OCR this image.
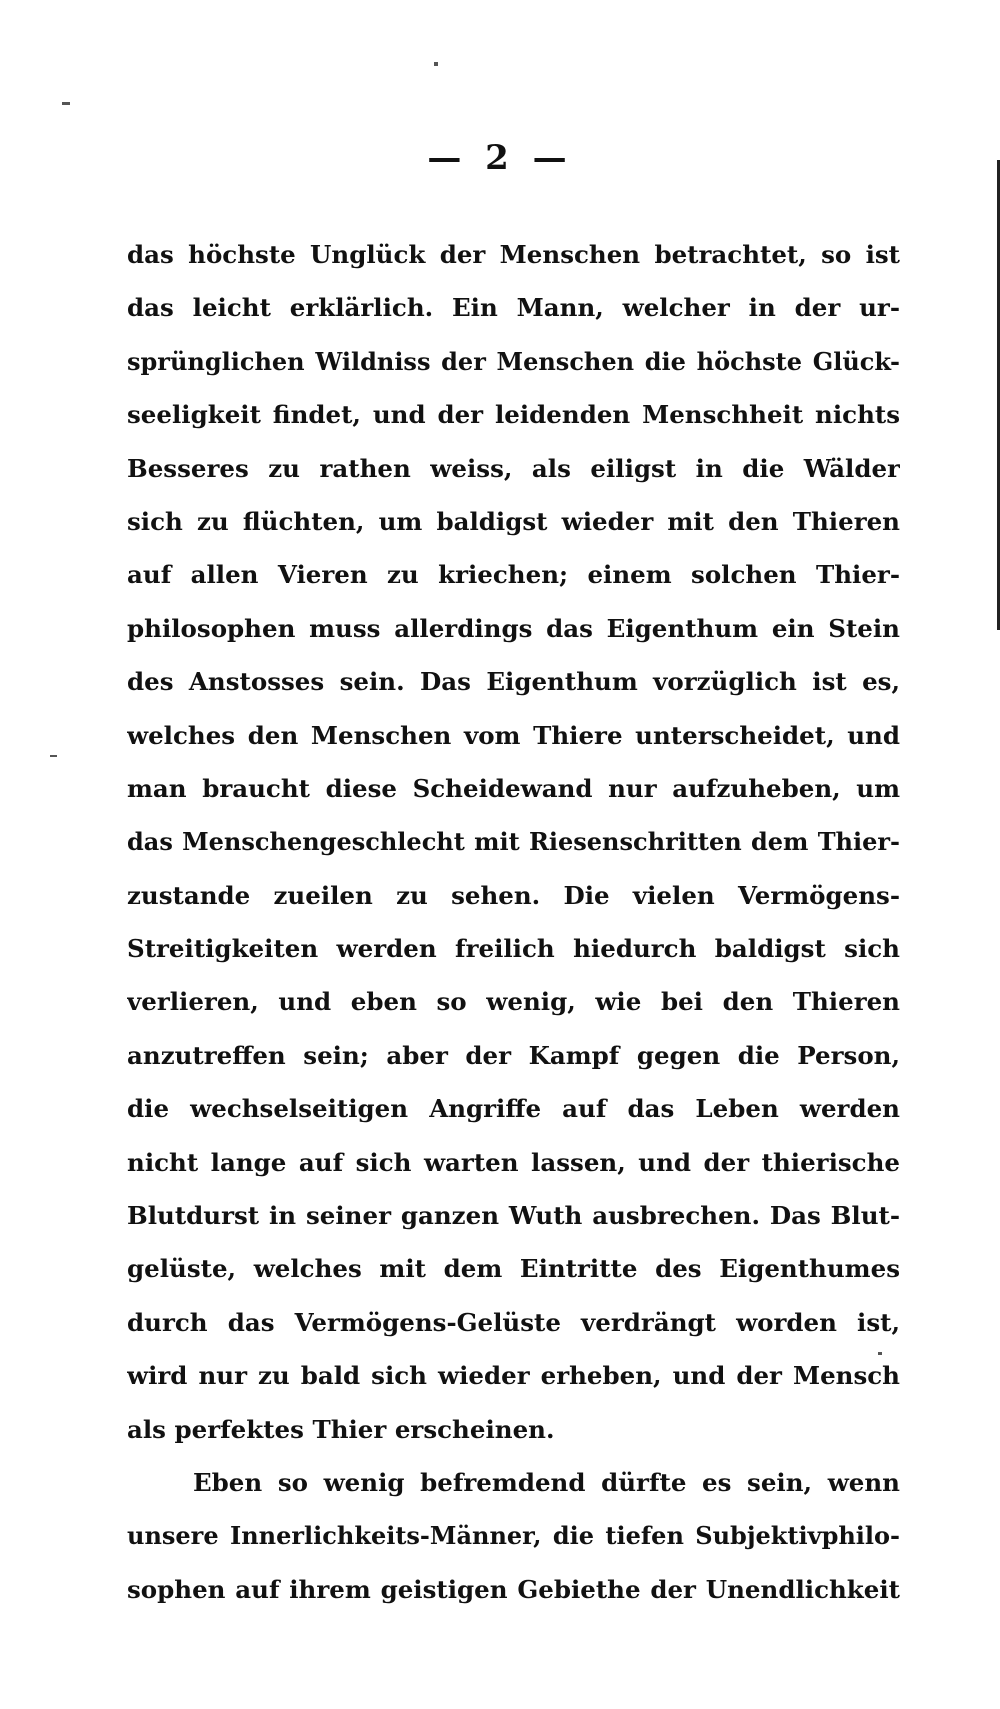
— 2 —
das höchste Unglück der Menschen betrachtet, so ist
das leicht erklärlich. Ein Mann, welcher in der ur-
sprünglichen Wildniss der Menschen die höchste Glück-
seeligkeit findet, und der leidenden Menschheit nichts
Besseres zu rathen weiss, als eiligst in die Wälder
sich zu flüchten, um baldigst wieder mit den Thieren
auf allen Vieren zu kriechen; einem solchen Thier-
philosophen muss allerdings das Eigenthum ein Stein
des Anstosses sein. Das Eigenthum vorzüglich ist es,
welches den Menschen vom Thiere unterscheidet, und
man braucht diese Scheidewand nur aufzuheben, um
das Menschengeschlecht mit Riesenschritten dem Thier-
zustande zueilen zu sehen. Die vielen Vermögens-
Streitigkeiten werden freilich hiedurch baldigst sich
verlieren, und eben so wenig, wie bei den Thieren
anzutreffen sein; aber der Kampf gegen die Person,
die wechselseitigen Angriffe auf das Leben werden
nicht lange auf sich warten lassen, und der thierische
Blutdurst in seiner ganzen Wuth ausbrechen. Das Blut-
gelüste, welches mit dem Eintritte des Eigenthumes
durch das Vermögens-Gelüste verdrängt worden ist,
wird nur zu bald sich wieder erheben, und der Mensch
als perfektes Thier erscheinen.
Eben so wenig befremdend dürfte es sein, wenn
unsere Innerlichkeits-Männer, die tiefen Subjektivphilo-
sophen auf ihrem geistigen Gebiethe der Unendlichkeit
